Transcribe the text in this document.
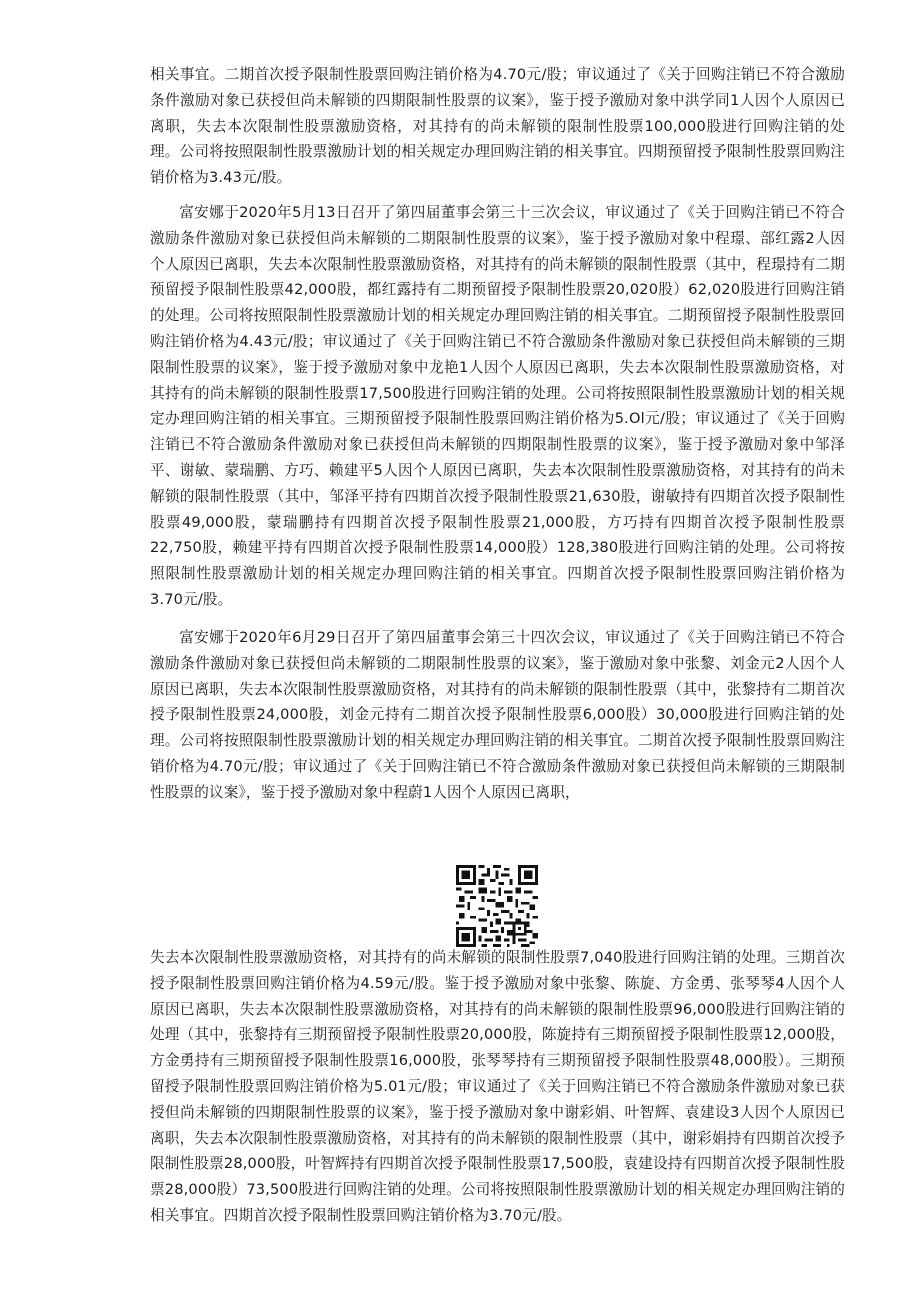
相关事宜。二期首次授予限制性股票回购注销价格为4.70元/股；审议通过了《关于回购注销已不符合激励条件激励对象已获授但尚未解锁的四期限制性股票的议案》，鉴于授予激励对象中洪学同1人因个人原因已离职，失去本次限制性股票激励资格，对其持有的尚未解锁的限制性股票100,000股进行回购注销的处理。公司将按照限制性股票激励计划的相关规定办理回购注销的相关事宜。四期预留授予限制性股票回购注销价格为3.43元/股。

富安娜于2020年5月13日召开了第四届董事会第三十三次会议，审议通过了《关于回购注销已不符合激励条件激励对象已获授但尚未解锁的二期限制性股票的议案》，鉴于授予激励对象中程璟、部红露2人因个人原因已离职，失去本次限制性股票激励资格，对其持有的尚未解锁的限制性股票（其中，程璟持有二期预留授予限制性股票42,000股，都红露持有二期预留授予限制性股票20,020股）62,020股进行回购注销的处理。公司将按照限制性股票激励计划的相关规定办理回购注销的相关事宜。二期预留授予限制性股票回购注销价格为4.43元/股；审议通过了《关于回购注销已不符合激励条件激励对象已获授但尚未解锁的三期限制性股票的议案》，鉴于授予激励对象中龙艳1人因个人原因已离职，失去本次限制性股票激励资格，对其持有的尚未解锁的限制性股票17,500股进行回购注销的处理。公司将按照限制性股票激励计划的相关规定办理回购注销的相关事宜。三期预留授予限制性股票回购注销价格为5.Ol元/股；审议通过了《关于回购注销已不符合激励条件激励对象已获授但尚未解锁的四期限制性股票的议案》，鉴于授予激励对象中邹泽平、谢敏、蒙瑞鹏、方巧、赖建平5人因个人原因已离职，失去本次限制性股票激励资格，对其持有的尚未解锁的限制性股票（其中，邹泽平持有四期首次授予限制性股票21,630股，谢敏持有四期首次授予限制性股票49,000股，蒙瑞鹏持有四期首次授予限制性股票21,000股，方巧持有四期首次授予限制性股票22,750股，赖建平持有四期首次授予限制性股票14,000股）128,380股进行回购注销的处理。公司将按照限制性股票激励计划的相关规定办理回购注销的相关事宜。四期首次授予限制性股票回购注销价格为3.70元/股。

富安娜于2020年6月29日召开了第四届董事会第三十四次会议，审议通过了《关于回购注销已不符合激励条件激励对象已获授但尚未解锁的二期限制性股票的议案》，鉴于激励对象中张黎、刘金元2人因个人原因已离职，失去本次限制性股票激励资格，对其持有的尚未解锁的限制性股票（其中，张黎持有二期首次授予限制性股票24,000股，刘金元持有二期首次授予限制性股票6,000股）30,000股进行回购注销的处理。公司将按照限制性股票激励计划的相关规定办理回购注销的相关事宜。二期首次授予限制性股票回购注销价格为4.70元/股；审议通过了《关于回购注销已不符合激励条件激励对象已获授但尚未解锁的三期限制性股票的议案》，鉴于授予激励对象中程蔚1人因个人原因已离职，

失去本次限制性股票激励资格，对其持有的尚未解锁的限制性股票7,040股进行回购注销的处理。三期首次授予限制性股票回购注销价格为4.59元/股。鉴于授予激励对象中张黎、陈旋、方金勇、张琴琴4人因个人原因已离职，失去本次限制性股票激励资格，对其持有的尚未解锁的限制性股票96,000股进行回购注销的处理（其中，张黎持有三期预留授予限制性股票20,000股，陈旋持有三期预留授予限制性股票12,000股，方金勇持有三期预留授予限制性股票16,000股，张琴琴持有三期预留授予限制性股票48,000股）。三期预留授予限制性股票回购注销价格为5.01元/股；审议通过了《关于回购注销已不符合激励条件激励对象已获授但尚未解锁的四期限制性股票的议案》，鉴于授予激励对象中谢彩娟、叶智辉、袁建设3人因个人原因已离职，失去本次限制性股票激励资格，对其持有的尚未解锁的限制性股票（其中，谢彩娟持有四期首次授予限制性股票28,000股，叶智辉持有四期首次授予限制性股票17,500股，袁建设持有四期首次授予限制性股票28,000股）73,500股进行回购注销的处理。公司将按照限制性股票激励计划的相关规定办理回购注销的相关事宜。四期首次授予限制性股票回购注销价格为3.70元/股。
